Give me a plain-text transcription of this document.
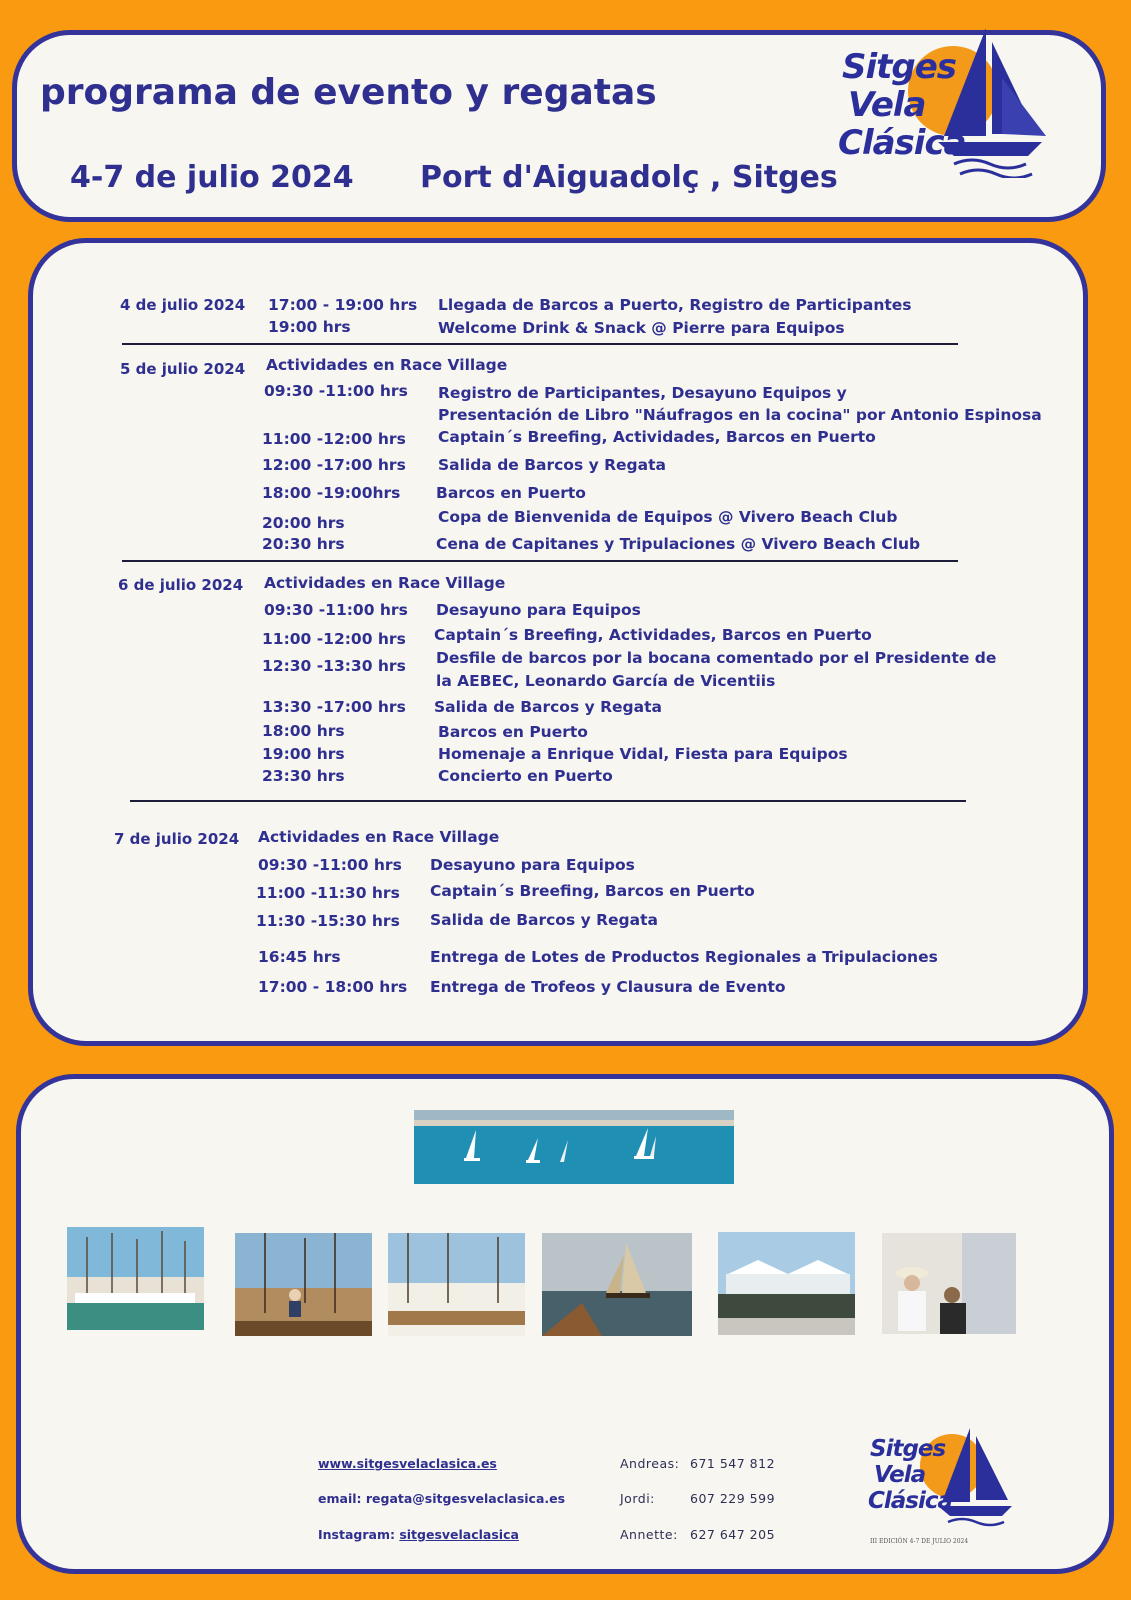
programa de evento y regatas
4-7 de julio 2024 Port d'Aiguadolç , Sitges
Sitges
Vela
Clásica
4 de julio 2024 17:00 - 19:00 hrs Llegada de Barcos a Puerto, Registro de Participantes
19:00 hrs	Welcome Drink & Snack @ Pierre para Equipos
5 de julio 2024 Actividades en Race Village
09:30 -11:00 hrs Registro de Participantes, Desayuno Equipos y
Presentación de Libro "Náufragos en la cocina" por Antonio Espinosa
11:00 -12:00 hrs Captain´s Breefing, Actividades, Barcos en Puerto
12:00 -17:00 hrs Salida de Barcos y Regata
18:00 -19:00hrs Barcos en Puerto
20:00 hrs	Copa de Bienvenida de Equipos @ Vivero Beach Club
20:30 hrs	Cena de Capitanes y Tripulaciones @ Vivero Beach Club
6 de julio 2024 Actividades en Race Village
09:30 -11:00 hrs Desayuno para Equipos
11:00 -12:00 hrs Captain´s Breefing, Actividades, Barcos en Puerto
12:30 -13:30 hrs Desfile de barcos por la bocana comentado por el Presidente de
la AEBEC, Leonardo García de Vicentiis
13:30 -17:00 hrs Salida de Barcos y Regata
18:00 hrs	Barcos en Puerto
19:00 hrs	Homenaje a Enrique Vidal, Fiesta para Equipos
23:30 hrs	Concierto en Puerto
7 de julio 2024 Actividades en Race Village
09:30 -11:00 hrs Desayuno para Equipos
11:00 -11:30 hrs Captain´s Breefing, Barcos en Puerto
11:30 -15:30 hrs Salida de Barcos y Regata
16:45 hrs	Entrega de Lotes de Productos Regionales a Tripulaciones
17:00 - 18:00 hrs Entrega de Trofeos y Clausura de Evento
www.sitgesvelaclasica.es
email: regata@sitgesvelaclasica.es
Instagram: sitgesvelaclasica
Andreas: 671 547 812
Jordi:	607 229 599
Annette: 627 647 205
Sitges
Vela
Clásica
III EDICIÓN 4-7 DE JULIO 2024
